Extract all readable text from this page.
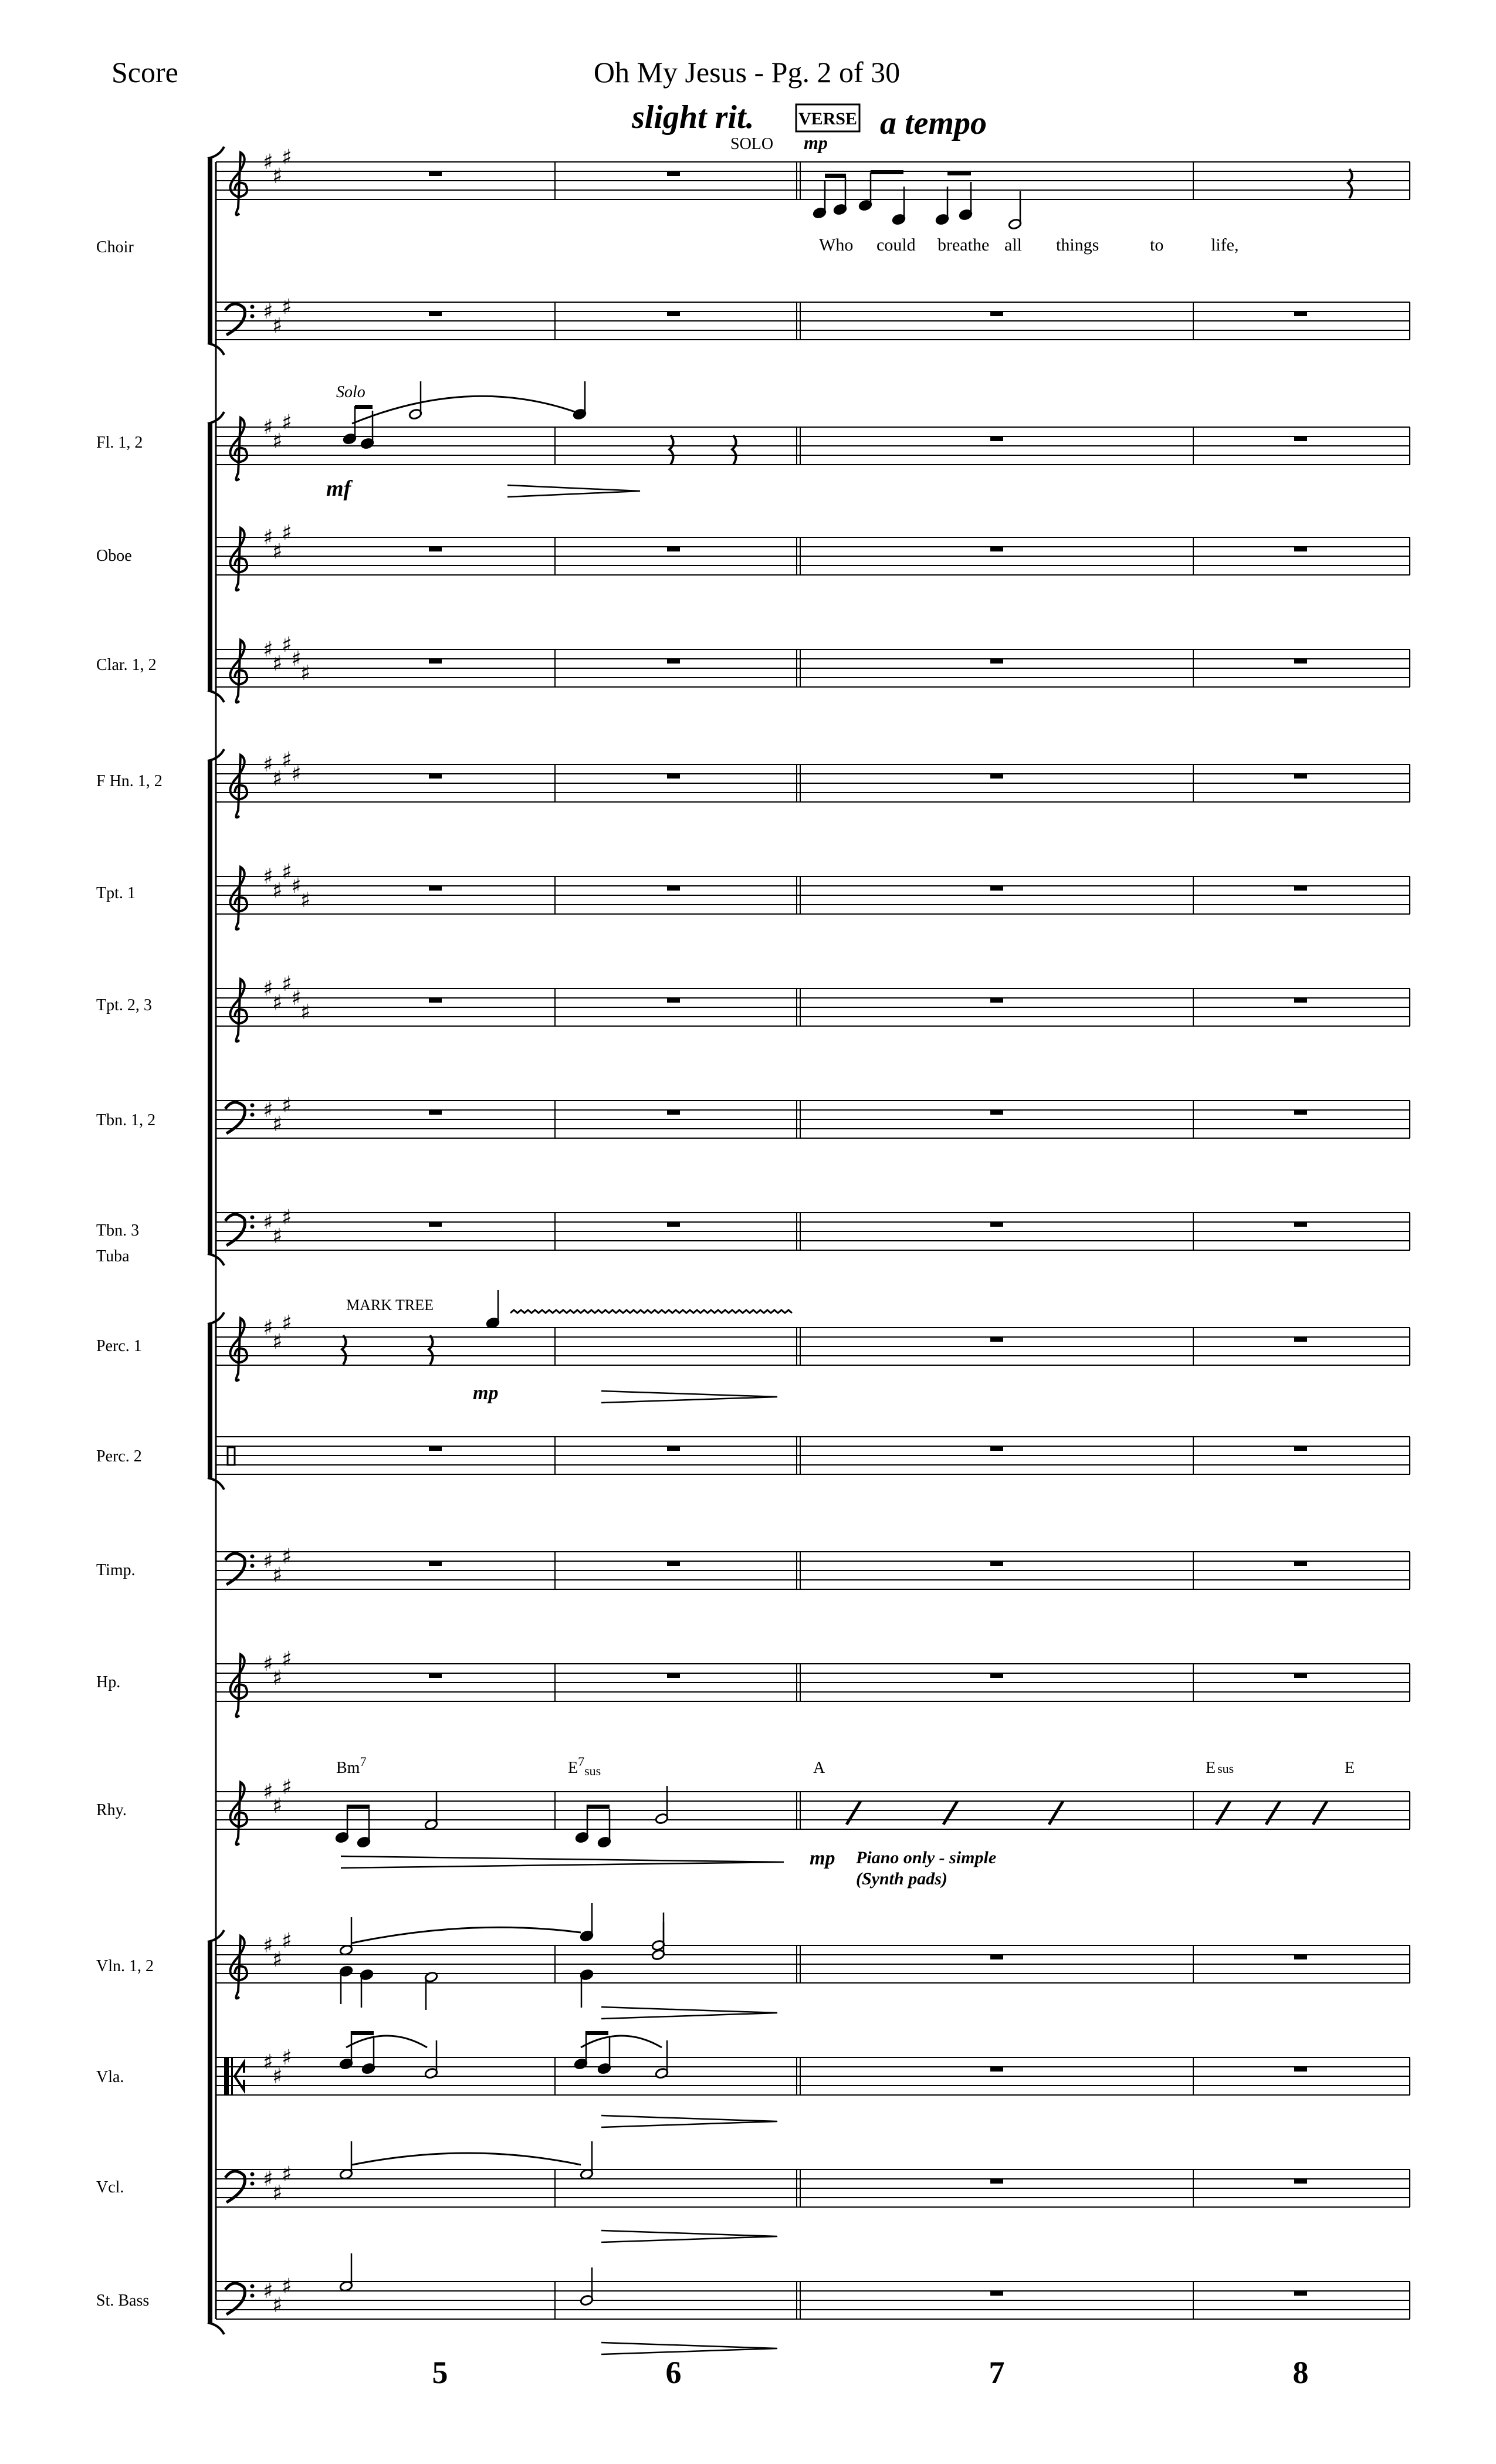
Score	Oh My Jesus - Pg. 2 of 30
slight rit.	VERSE a tempo
SOLO mp
Who could breathe all things	to	life,
Choir
Fl. 1, 2
Oboe
Clar. 1, 2
F Hn. 1, 2
Tpt. 1
Tpt. 2, 3
Tbn. 1, 2
Tbn. 3
Tuba
Perc. 1
Perc. 2
Timp.
Hp.
Rhy.
Vln. 1, 2
Vla.
Vcl.
St. Bass
Solo
mf
MARK TREE
mp
Bm$^7$	$E^7_{sus}$	A	E sus	E
mp Piano only - simple
(Synth pads)
5	6	7	8
♯
♯
♯
♯
♯
♯
♯
♯
♯
♯
♯
♯
♯
♯
♯
♯
♯
♯
♯
♯
♯
♯
♯
♯
♯
♯
♯
♯
♯
♯
♯
♯
♯
♯
♯
♯
♯
♯
♯
♯
♯
♯
♯
♯
♯
♯
♯
♯
♯
♯
♯
♯
♯
♯
♯
♯
♯
♯
♯
♯
♯
